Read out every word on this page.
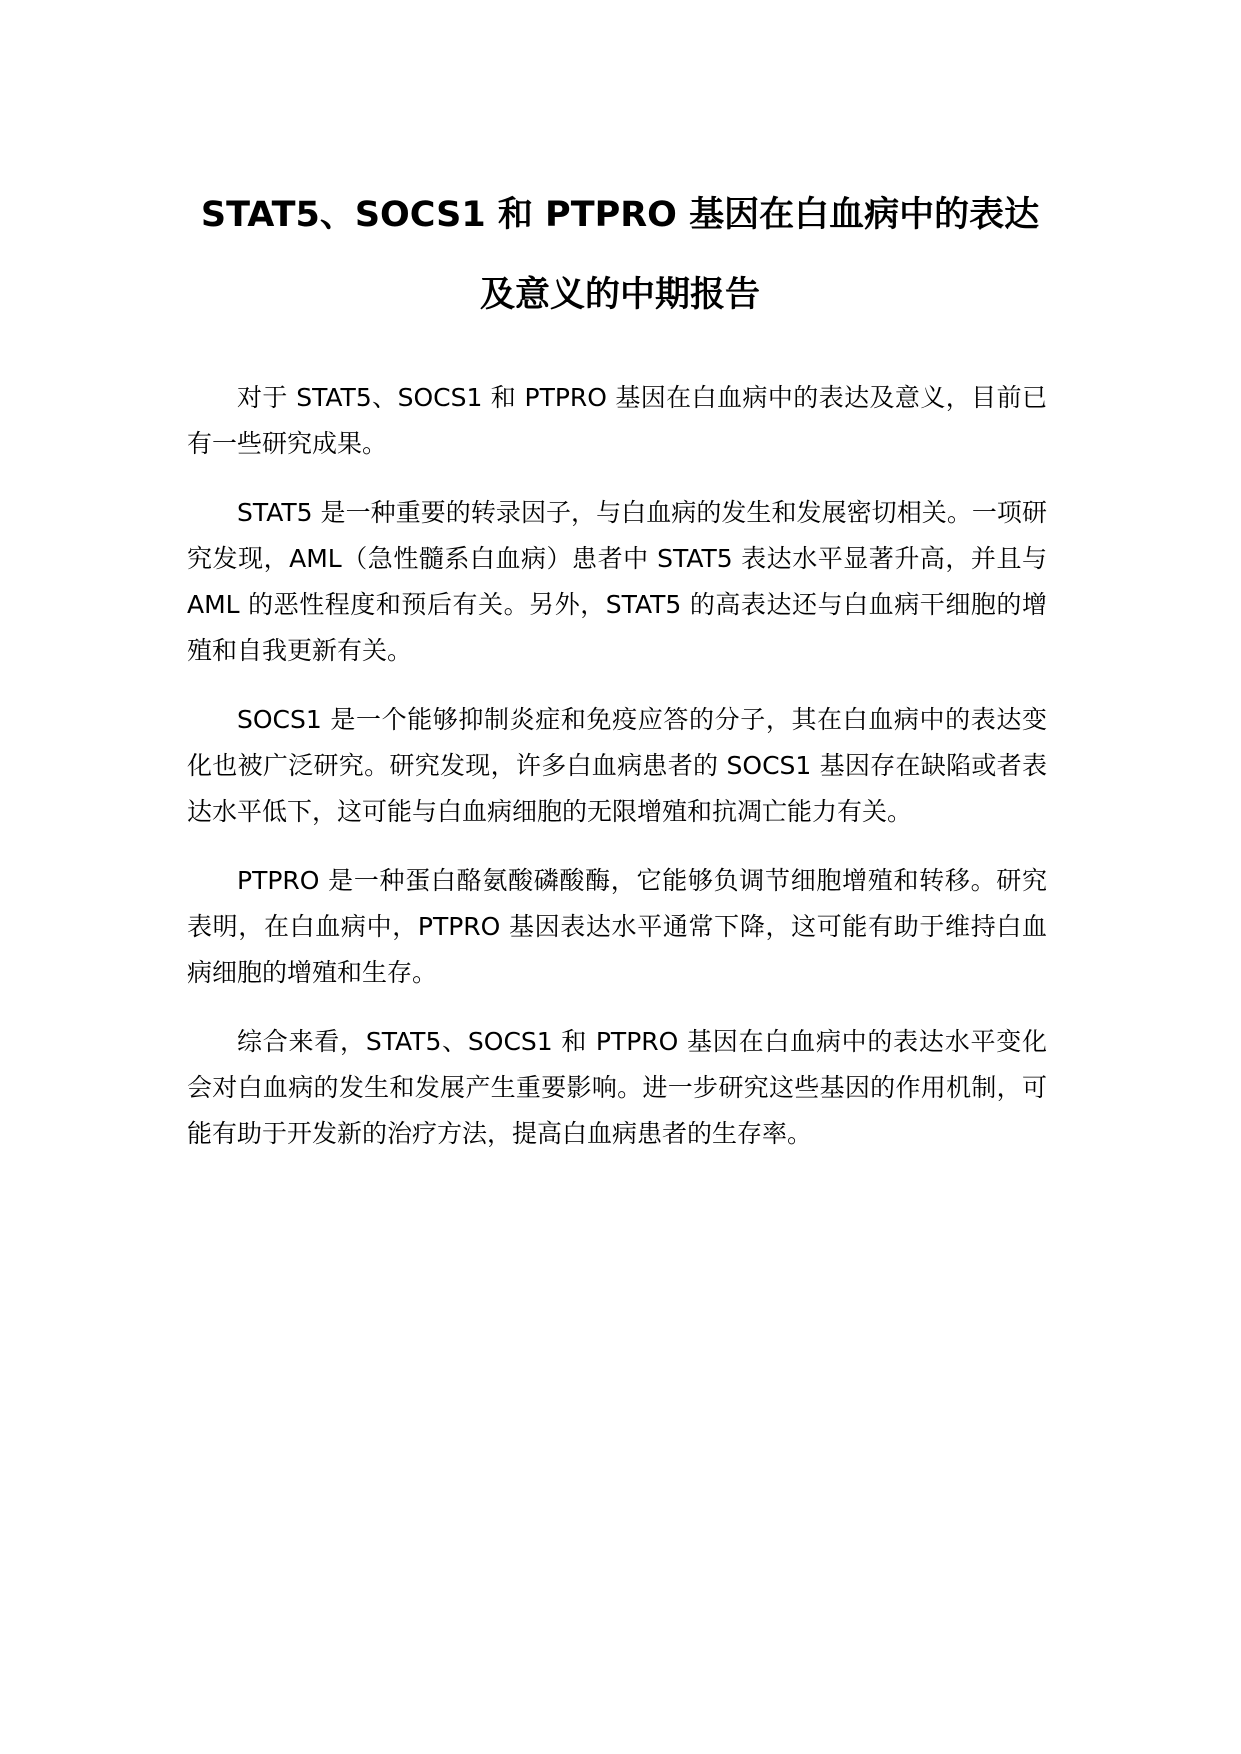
STAT5、SOCS1 和 PTPRO 基因在白血病中的表达
及意义的中期报告

对于 STAT5、SOCS1 和 PTPRO 基因在白血病中的表达及意义，目前已有一些研究成果。

STAT5 是一种重要的转录因子，与白血病的发生和发展密切相关。一项研究发现，AML（急性髓系白血病）患者中 STAT5 表达水平显著升高，并且与 AML 的恶性程度和预后有关。另外，STAT5 的高表达还与白血病干细胞的增殖和自我更新有关。

SOCS1 是一个能够抑制炎症和免疫应答的分子，其在白血病中的表达变化也被广泛研究。研究发现，许多白血病患者的 SOCS1 基因存在缺陷或者表达水平低下，这可能与白血病细胞的无限增殖和抗凋亡能力有关。

PTPRO 是一种蛋白酪氨酸磷酸酶，它能够负调节细胞增殖和转移。研究表明，在白血病中，PTPRO 基因表达水平通常下降，这可能有助于维持白血病细胞的增殖和生存。

综合来看，STAT5、SOCS1 和 PTPRO 基因在白血病中的表达水平变化会对白血病的发生和发展产生重要影响。进一步研究这些基因的作用机制，可能有助于开发新的治疗方法，提高白血病患者的生存率。
